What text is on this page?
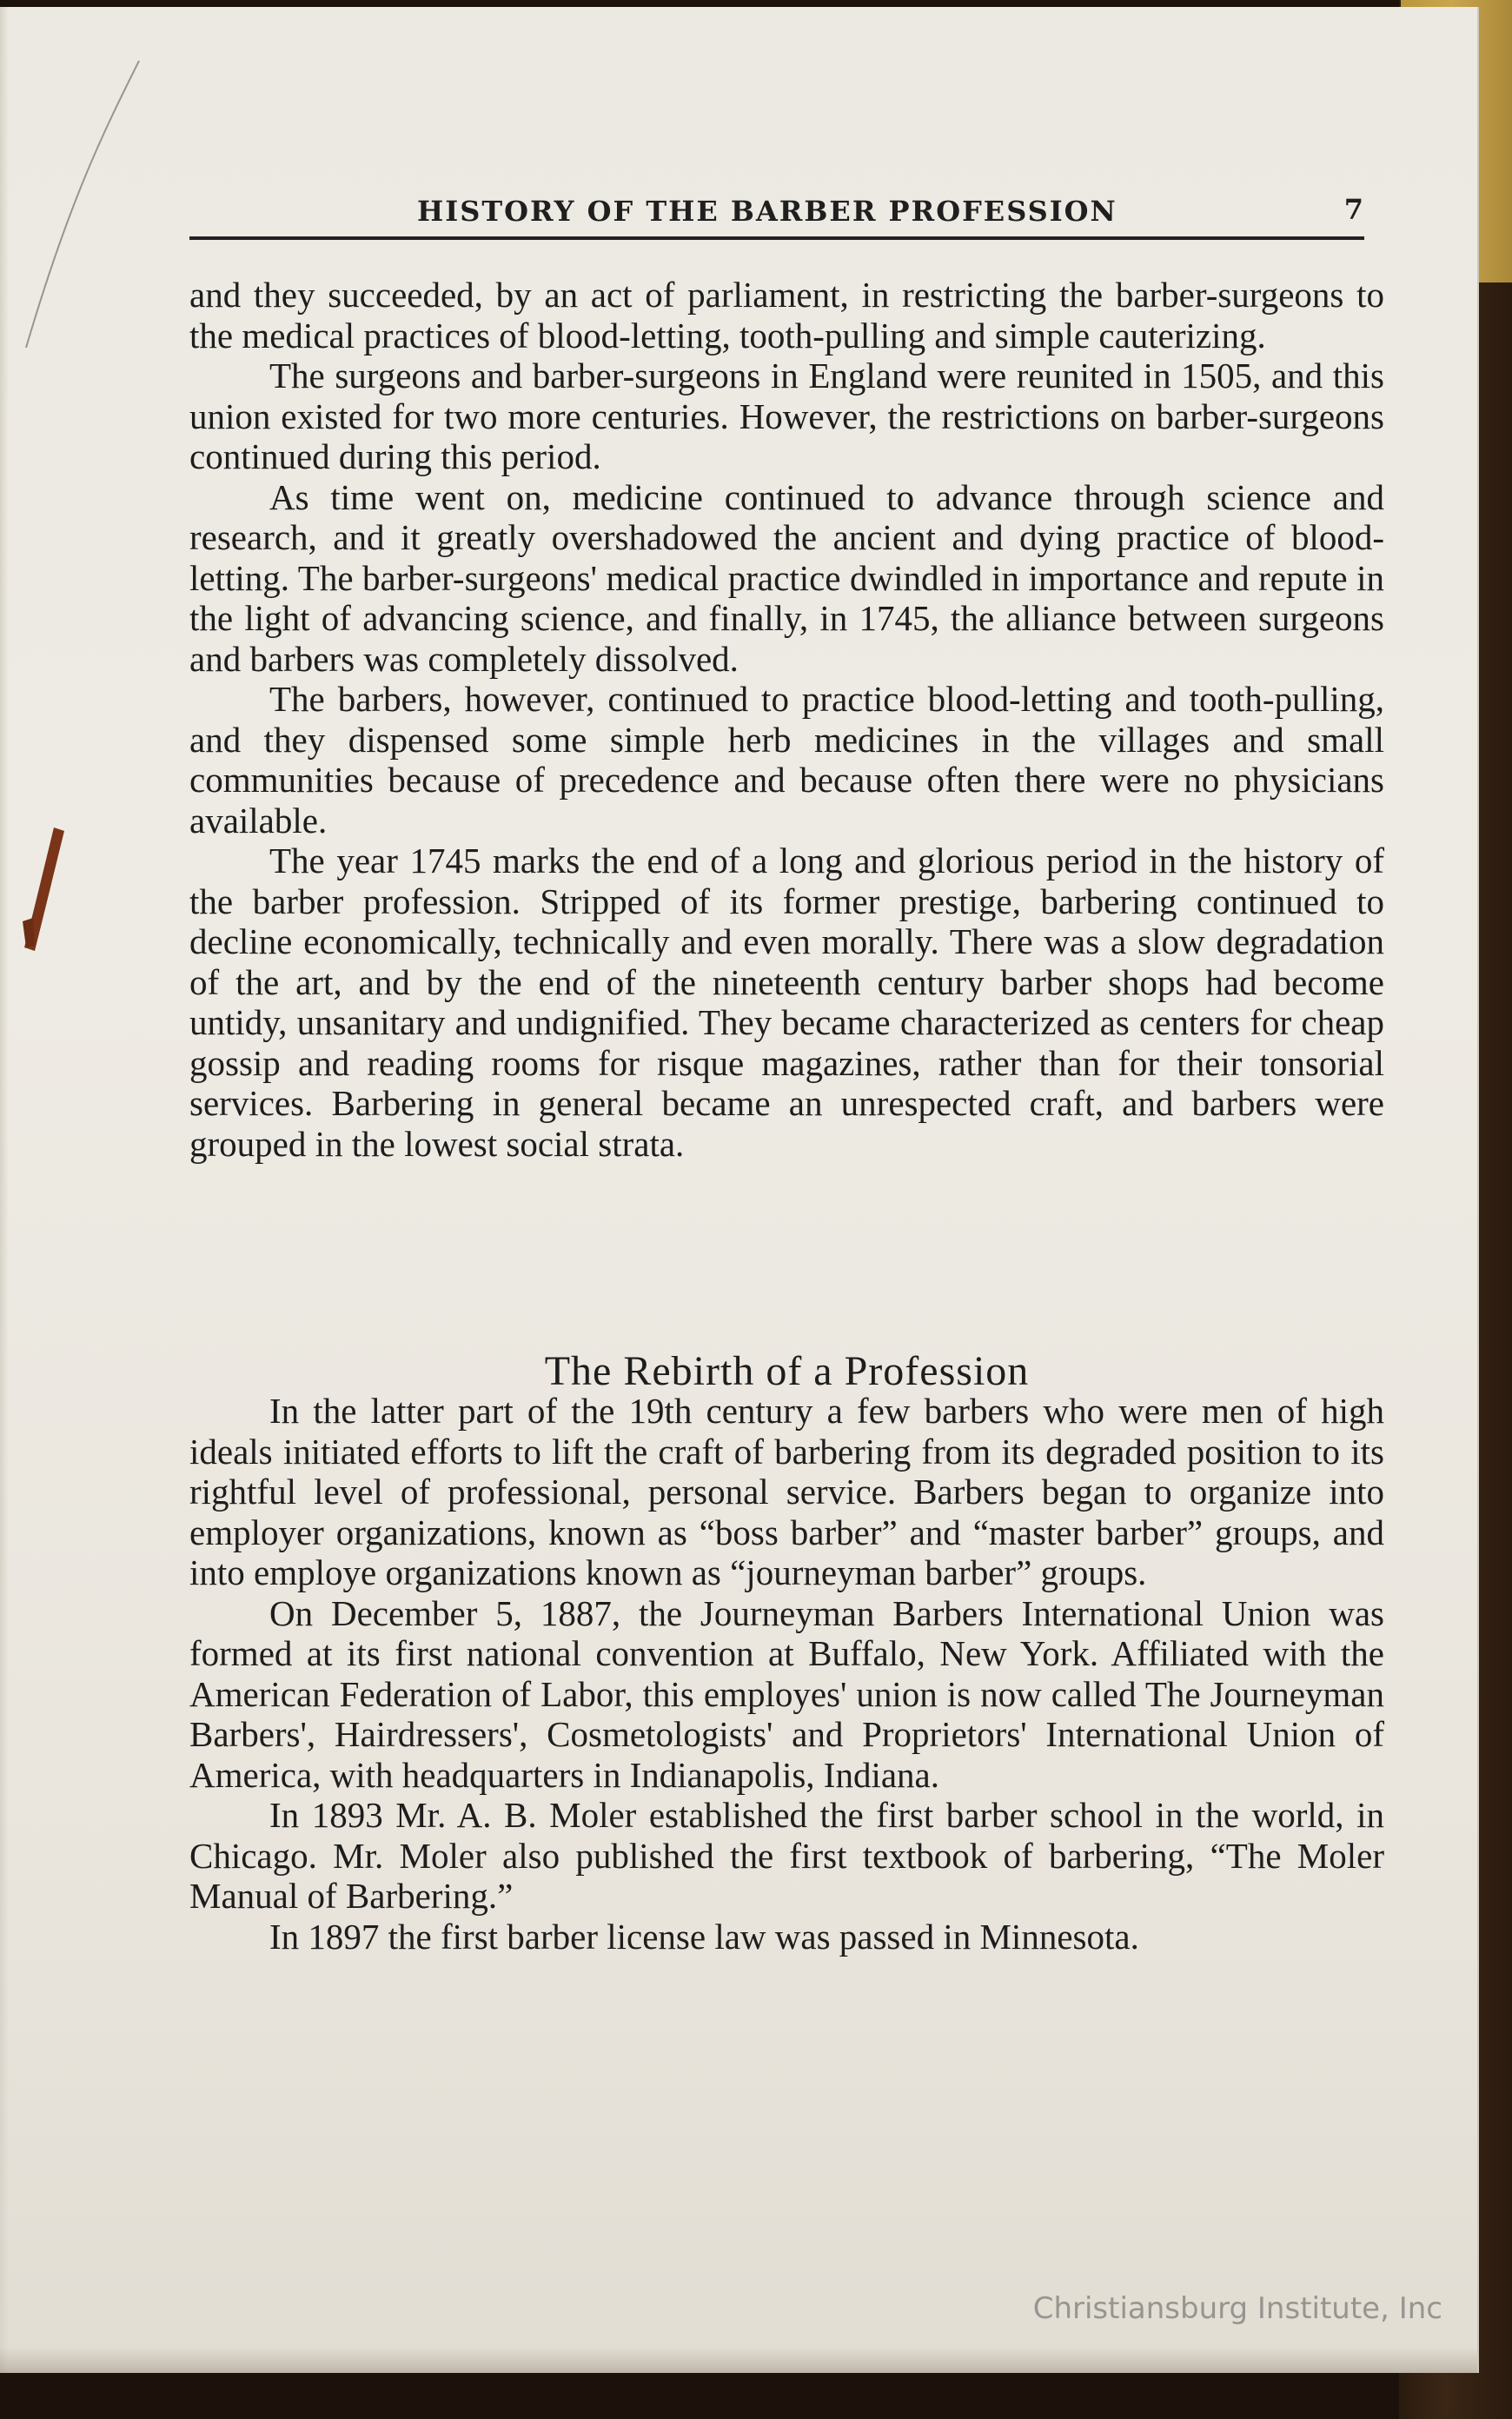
HISTORY OF THE BARBER PROFESSION	7

and they succeeded, by an act of parliament, in restricting the barber-surgeons to the medical practices of blood-letting, tooth-pulling and simple cauterizing.

The surgeons and barber-surgeons in England were reunited in 1505, and this union existed for two more centuries. However, the restrictions on barber-surgeons continued during this period.

As time went on, medicine continued to advance through science and research, and it greatly overshadowed the ancient and dying practice of blood-letting. The barber-surgeons' medical practice dwindled in importance and repute in the light of advancing science, and finally, in 1745, the alliance between surgeons and barbers was completely dissolved.

The barbers, however, continued to practice blood-letting and tooth-pulling, and they dispensed some simple herb medicines in the villages and small communities because of precedence and because often there were no physicians available.

The year 1745 marks the end of a long and glorious period in the history of the barber profession. Stripped of its former prestige, barbering continued to decline economically, technically and even morally. There was a slow degradation of the art, and by the end of the nineteenth century barber shops had become untidy, unsanitary and undignified. They became characterized as centers for cheap gossip and reading rooms for risque magazines, rather than for their tonsorial services. Barbering in general became an unrespected craft, and barbers were grouped in the lowest social strata.

The Rebirth of a Profession

In the latter part of the 19th century a few barbers who were men of high ideals initiated efforts to lift the craft of barbering from its degraded position to its rightful level of professional, personal service. Barbers began to organize into employer organizations, known as “boss barber” and “master barber” groups, and into employe organizations known as “journeyman barber” groups.

On December 5, 1887, the Journeyman Barbers International Union was formed at its first national convention at Buffalo, New York. Affiliated with the American Federation of Labor, this employes' union is now called The Journeyman Barbers', Hairdressers', Cosmetologists' and Proprietors' International Union of America, with headquarters in Indianapolis, Indiana.

In 1893 Mr. A. B. Moler established the first barber school in the world, in Chicago. Mr. Moler also published the first textbook of barbering, “The Moler Manual of Barbering.”

In 1897 the first barber license law was passed in Minnesota.

Christiansburg Institute, Inc
